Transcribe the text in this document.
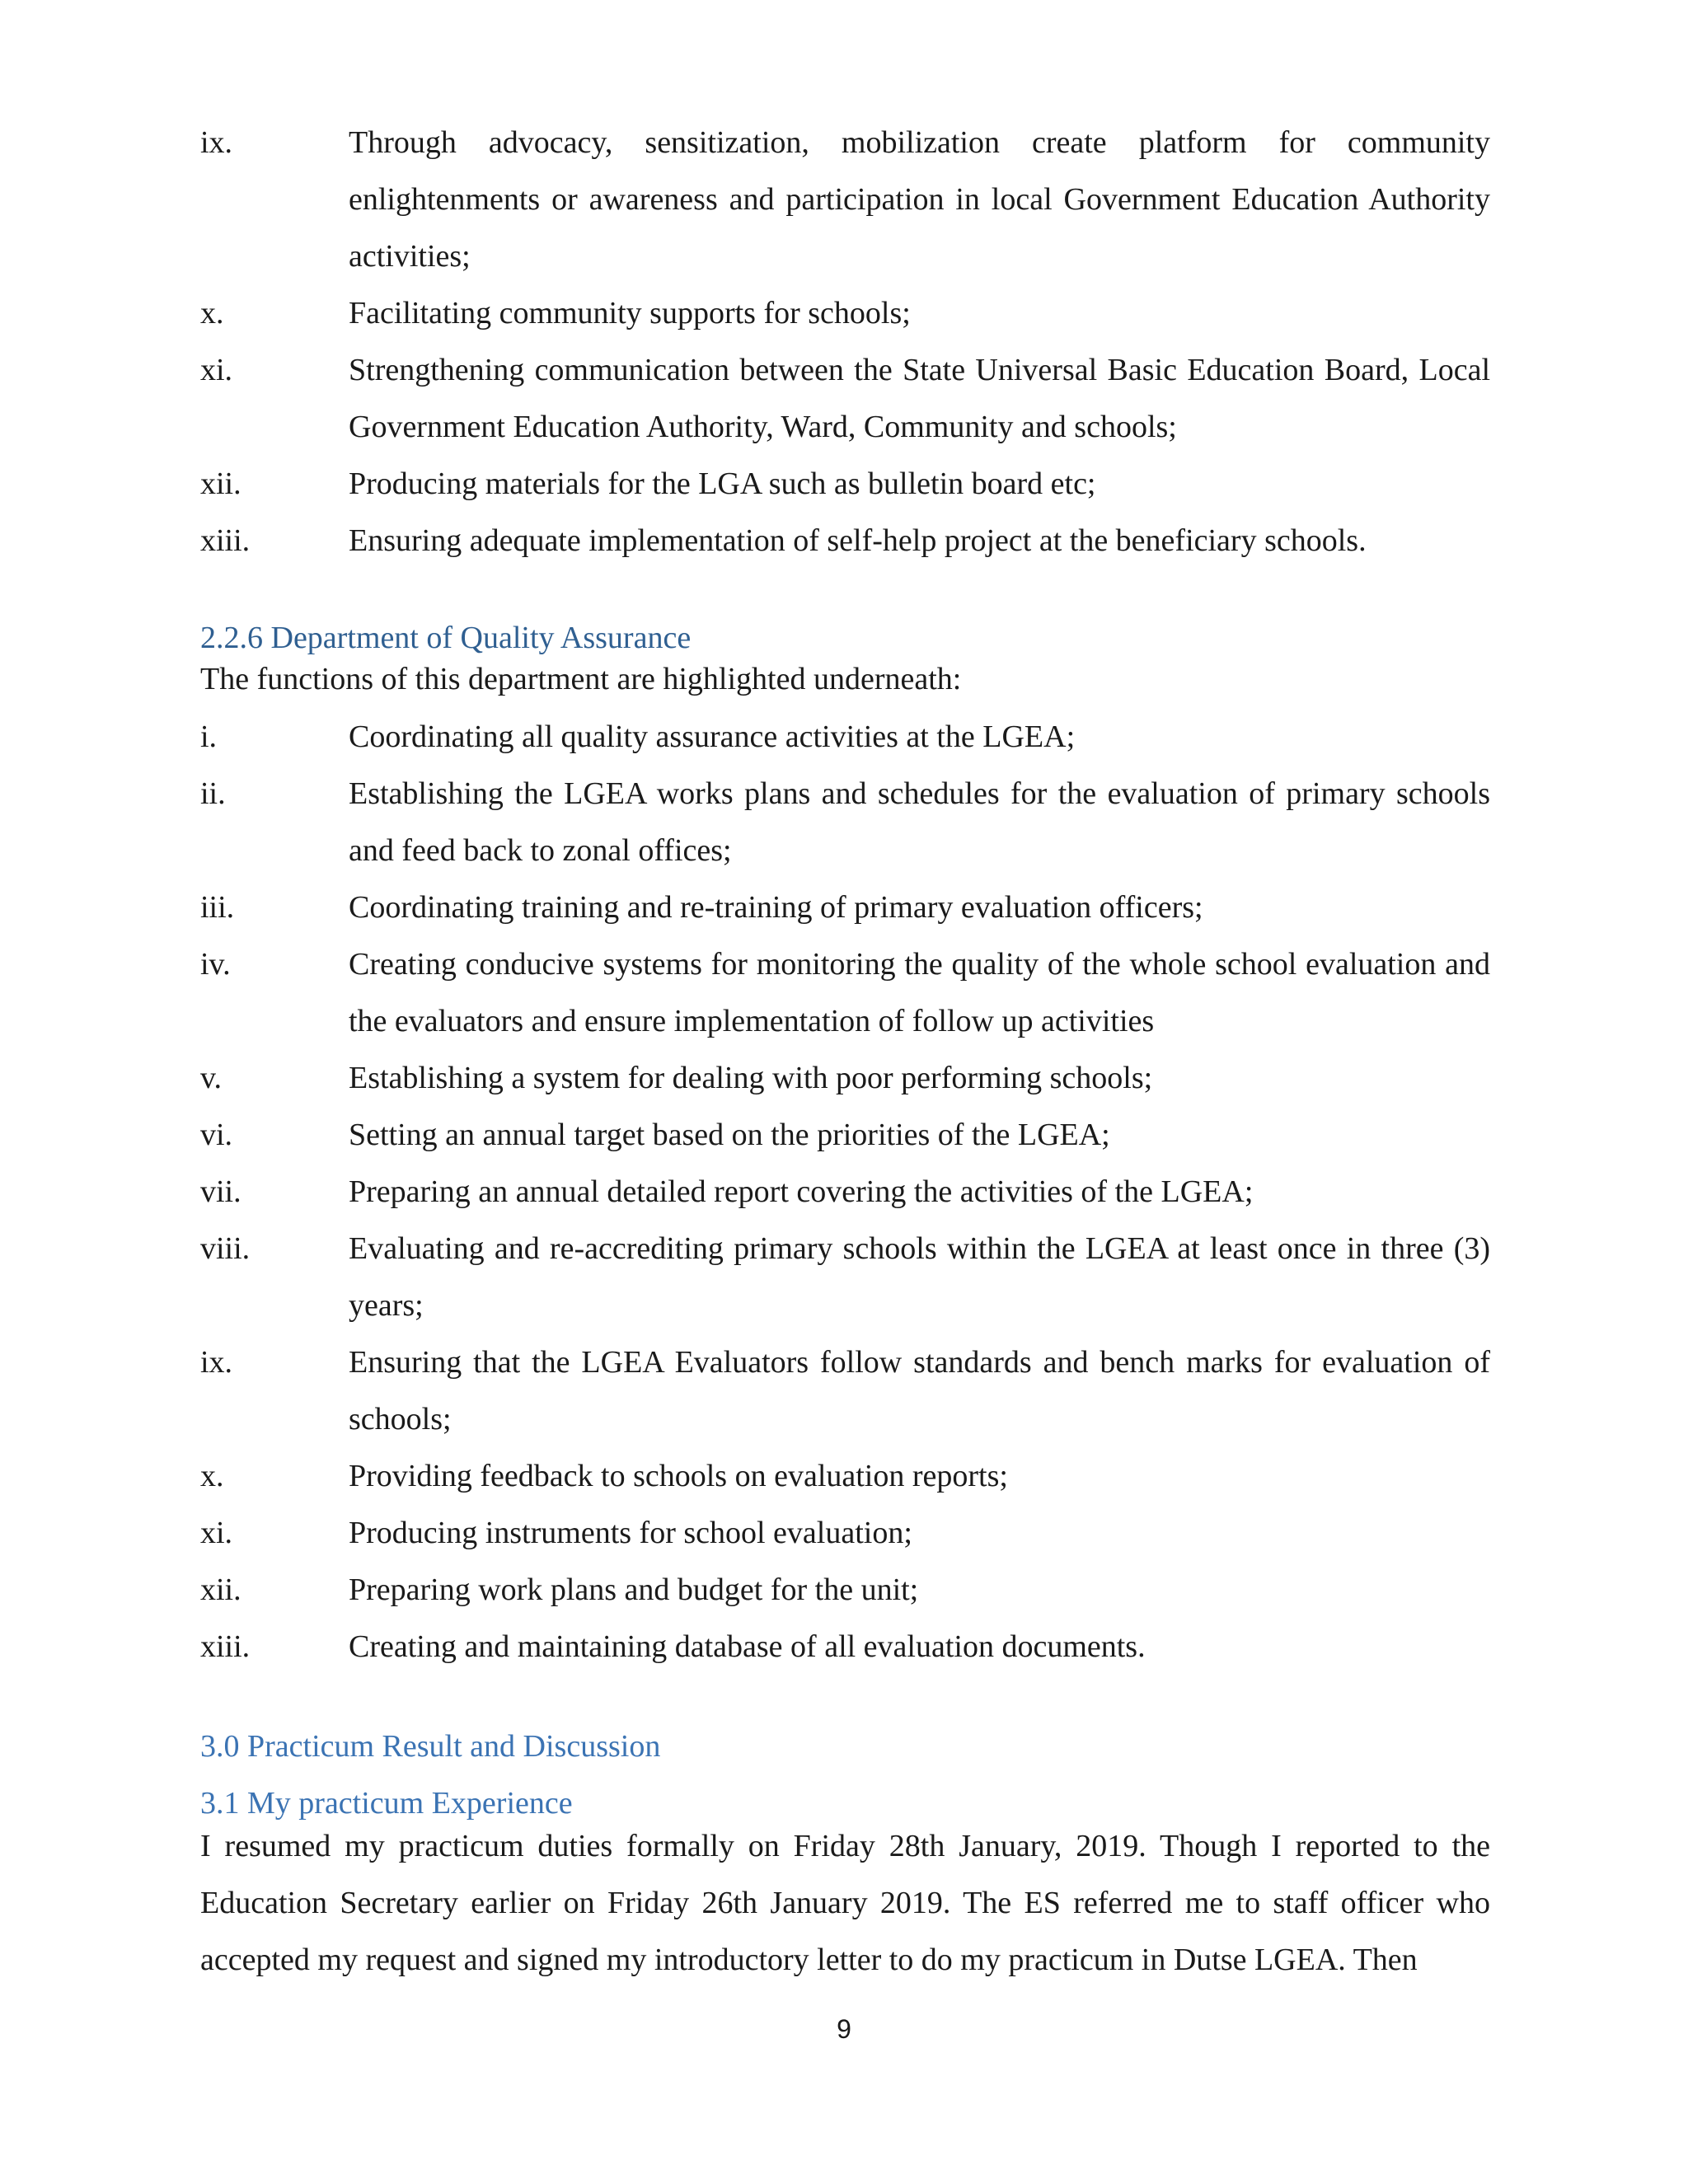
ix.	Through advocacy, sensitization, mobilization create platform for community enlightenments or awareness and participation in local Government Education Authority activities;
x.	Facilitating community supports for schools;
xi.	Strengthening communication between the State Universal Basic Education Board, Local Government Education Authority, Ward, Community and schools;
xii.	Producing materials for the LGA such as bulletin board etc;
xiii.	Ensuring adequate implementation of self-help project at the beneficiary schools.
2.2.6 Department of Quality Assurance
The functions of this department are highlighted underneath:
i.	Coordinating all quality assurance activities at the LGEA;
ii.	Establishing the LGEA works plans and schedules for the evaluation of primary schools and feed back to zonal offices;
iii.	Coordinating training and re-training of primary evaluation officers;
iv.	Creating conducive systems for monitoring the quality of the whole school evaluation and the evaluators and ensure implementation of follow up activities
v.	Establishing a system for dealing with poor performing schools;
vi.	Setting an annual target based on the priorities of the LGEA;
vii.	Preparing an annual detailed report covering the activities of the LGEA;
viii.	Evaluating and re-accrediting primary schools within the LGEA at least once in three (3) years;
ix.	Ensuring that the LGEA Evaluators follow standards and bench marks for evaluation of schools;
x.	Providing feedback to schools on evaluation reports;
xi.	Producing instruments for school evaluation;
xii.	Preparing work plans and budget for the unit;
xiii.	Creating and maintaining database of all evaluation documents.
3.0 Practicum Result and Discussion
3.1 My practicum Experience
I resumed my practicum duties formally on Friday 28th January, 2019. Though I reported to the Education Secretary earlier on Friday 26th January 2019. The ES referred me to staff officer who accepted my request and signed my introductory letter to do my practicum in Dutse LGEA. Then
9
